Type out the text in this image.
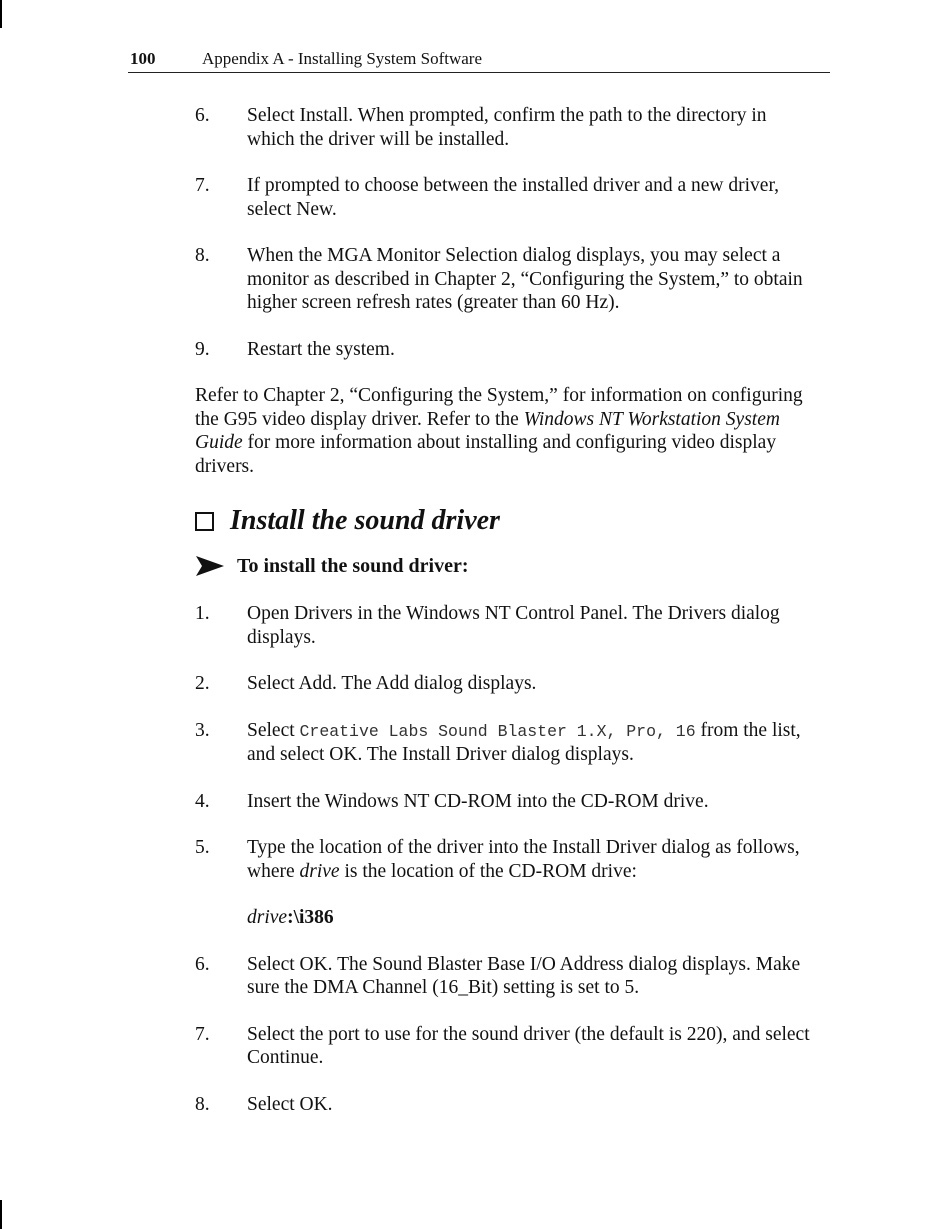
100	Appendix A - Installing System Software
6.	Select Install. When prompted, confirm the path to the directory in which the driver will be installed.
7.	If prompted to choose between the installed driver and a new driver, select New.
8.	When the MGA Monitor Selection dialog displays, you may select a monitor as described in Chapter 2, “Configuring the System,” to obtain higher screen refresh rates (greater than 60 Hz).
9.	Restart the system.

Refer to Chapter 2, “Configuring the System,” for information on configuring the G95 video display driver. Refer to the Windows NT Workstation System Guide for more information about installing and configuring video display drivers.

Install the sound driver
To install the sound driver:
1.	Open Drivers in the Windows NT Control Panel. The Drivers dialog displays.
2.	Select Add. The Add dialog displays.
3.	Select Creative Labs Sound Blaster 1.X, Pro, 16 from the list, and select OK. The Install Driver dialog displays.
4.	Insert the Windows NT CD-ROM into the CD-ROM drive.
5.	Type the location of the driver into the Install Driver dialog as follows, where drive is the location of the CD-ROM drive:
drive:\i386
6.	Select OK. The Sound Blaster Base I/O Address dialog displays. Make sure the DMA Channel (16_Bit) setting is set to 5.
7.	Select the port to use for the sound driver (the default is 220), and select Continue.
8.	Select OK.
